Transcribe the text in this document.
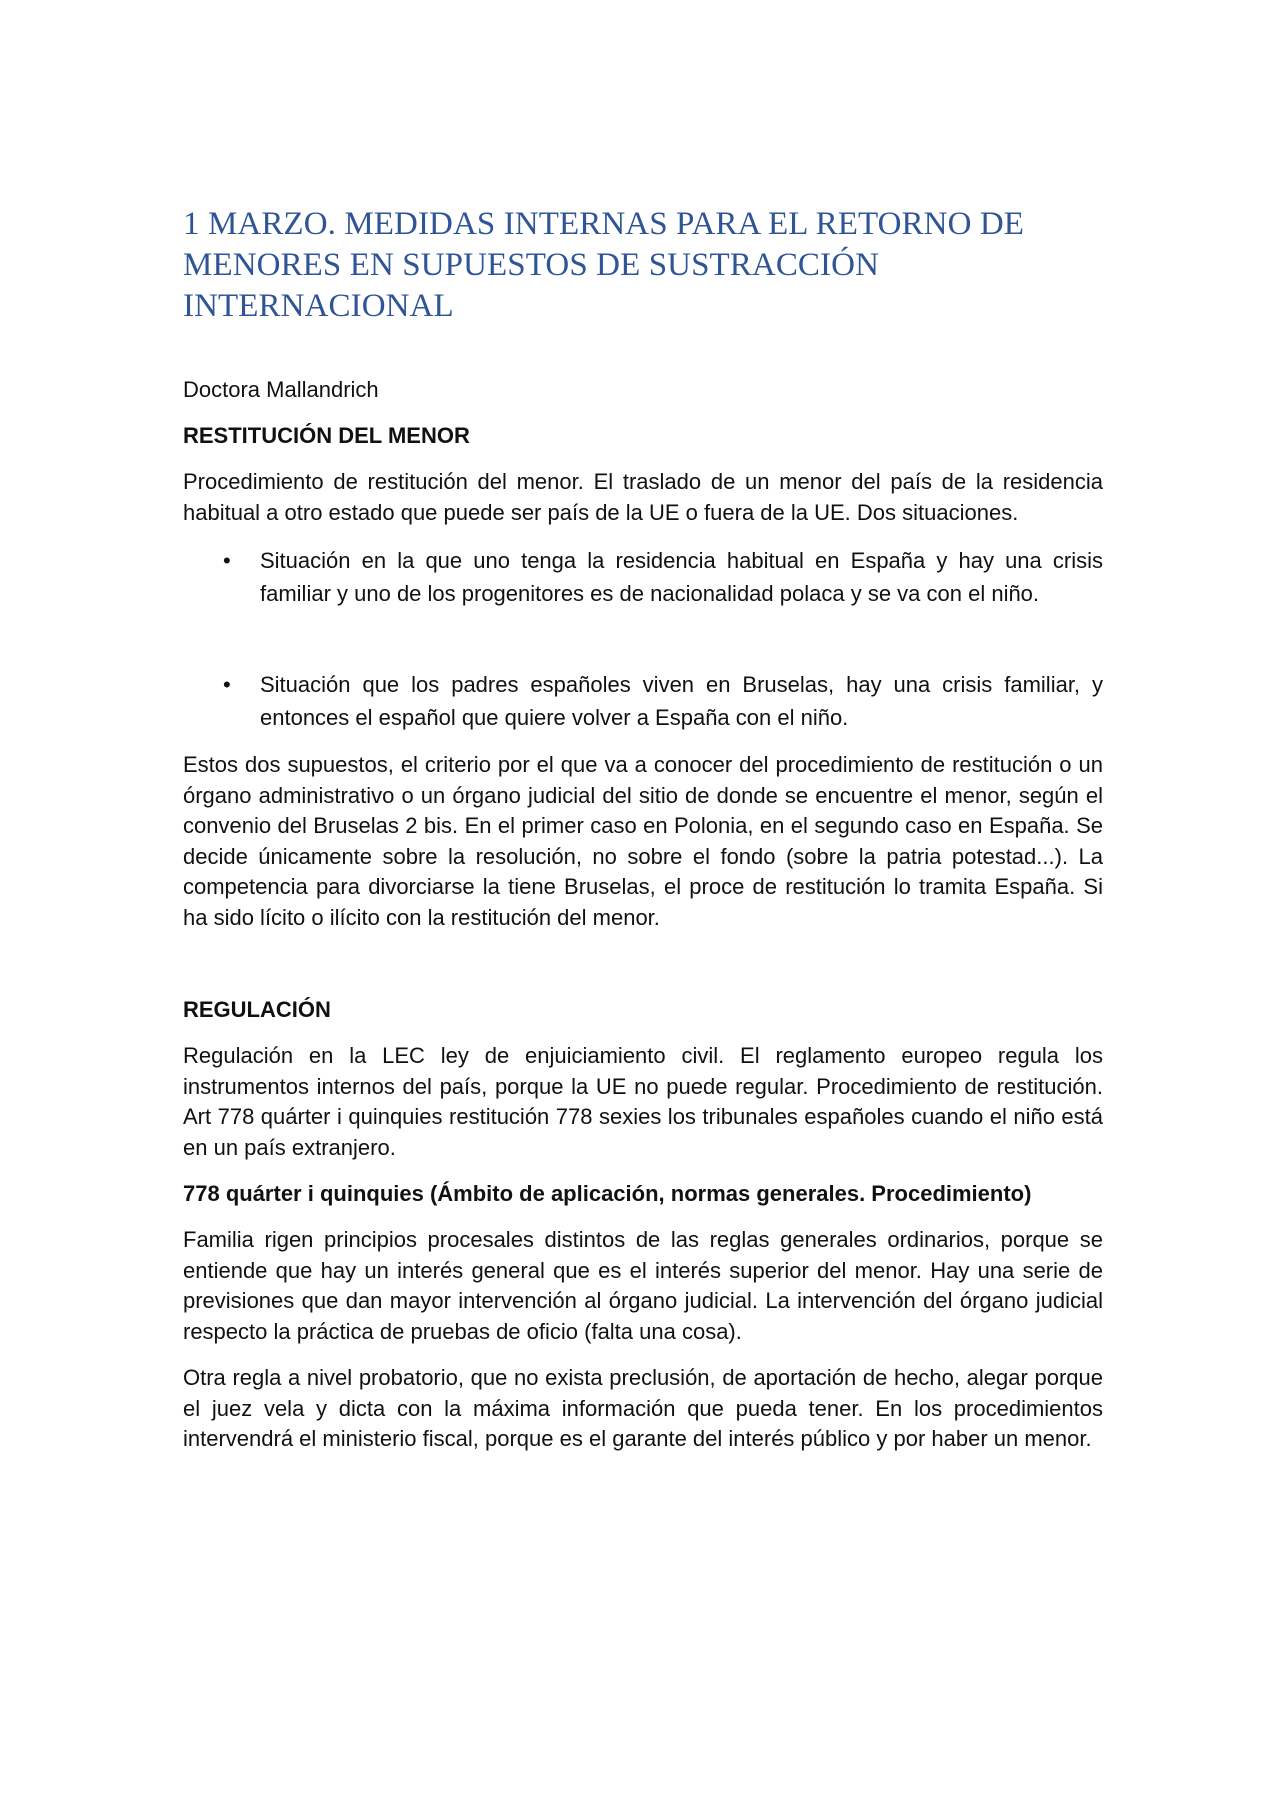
1 MARZO. MEDIDAS INTERNAS PARA EL RETORNO DE MENORES EN SUPUESTOS DE SUSTRACCIÓN INTERNACIONAL
Doctora Mallandrich
RESTITUCIÓN DEL MENOR

Procedimiento de restitución del menor. El traslado de un menor del país de la residencia habitual a otro estado que puede ser país de la UE o fuera de la UE. Dos situaciones.

• Situación en la que uno tenga la residencia habitual en España y hay una crisis familiar y uno de los progenitores es de nacionalidad polaca y se va con el niño.
• Situación que los padres españoles viven en Bruselas, hay una crisis familiar, y entonces el español que quiere volver a España con el niño.

Estos dos supuestos, el criterio por el que va a conocer del procedimiento de restitución o un órgano administrativo o un órgano judicial del sitio de donde se encuentre el menor, según el convenio del Bruselas 2 bis. En el primer caso en Polonia, en el segundo caso en España. Se decide únicamente sobre la resolución, no sobre el fondo (sobre la patria potestad...). La competencia para divorciarse la tiene Bruselas, el proce de restitución lo tramita España. Si ha sido lícito o ilícito con la restitución del menor.

REGULACIÓN

Regulación en la LEC ley de enjuiciamiento civil. El reglamento europeo regula los instrumentos internos del país, porque la UE no puede regular. Procedimiento de restitución. Art 778 quárter i quinquies restitución 778 sexies los tribunales españoles cuando el niño está en un país extranjero.

778 quárter i quinquies (Ámbito de aplicación, normas generales. Procedimiento)

Familia rigen principios procesales distintos de las reglas generales ordinarios, porque se entiende que hay un interés general que es el interés superior del menor. Hay una serie de previsiones que dan mayor intervención al órgano judicial. La intervención del órgano judicial respecto la práctica de pruebas de oficio (falta una cosa).

Otra regla a nivel probatorio, que no exista preclusión, de aportación de hecho, alegar porque el juez vela y dicta con la máxima información que pueda tener. En los procedimientos intervendrá el ministerio fiscal, porque es el garante del interés público y por haber un menor.
